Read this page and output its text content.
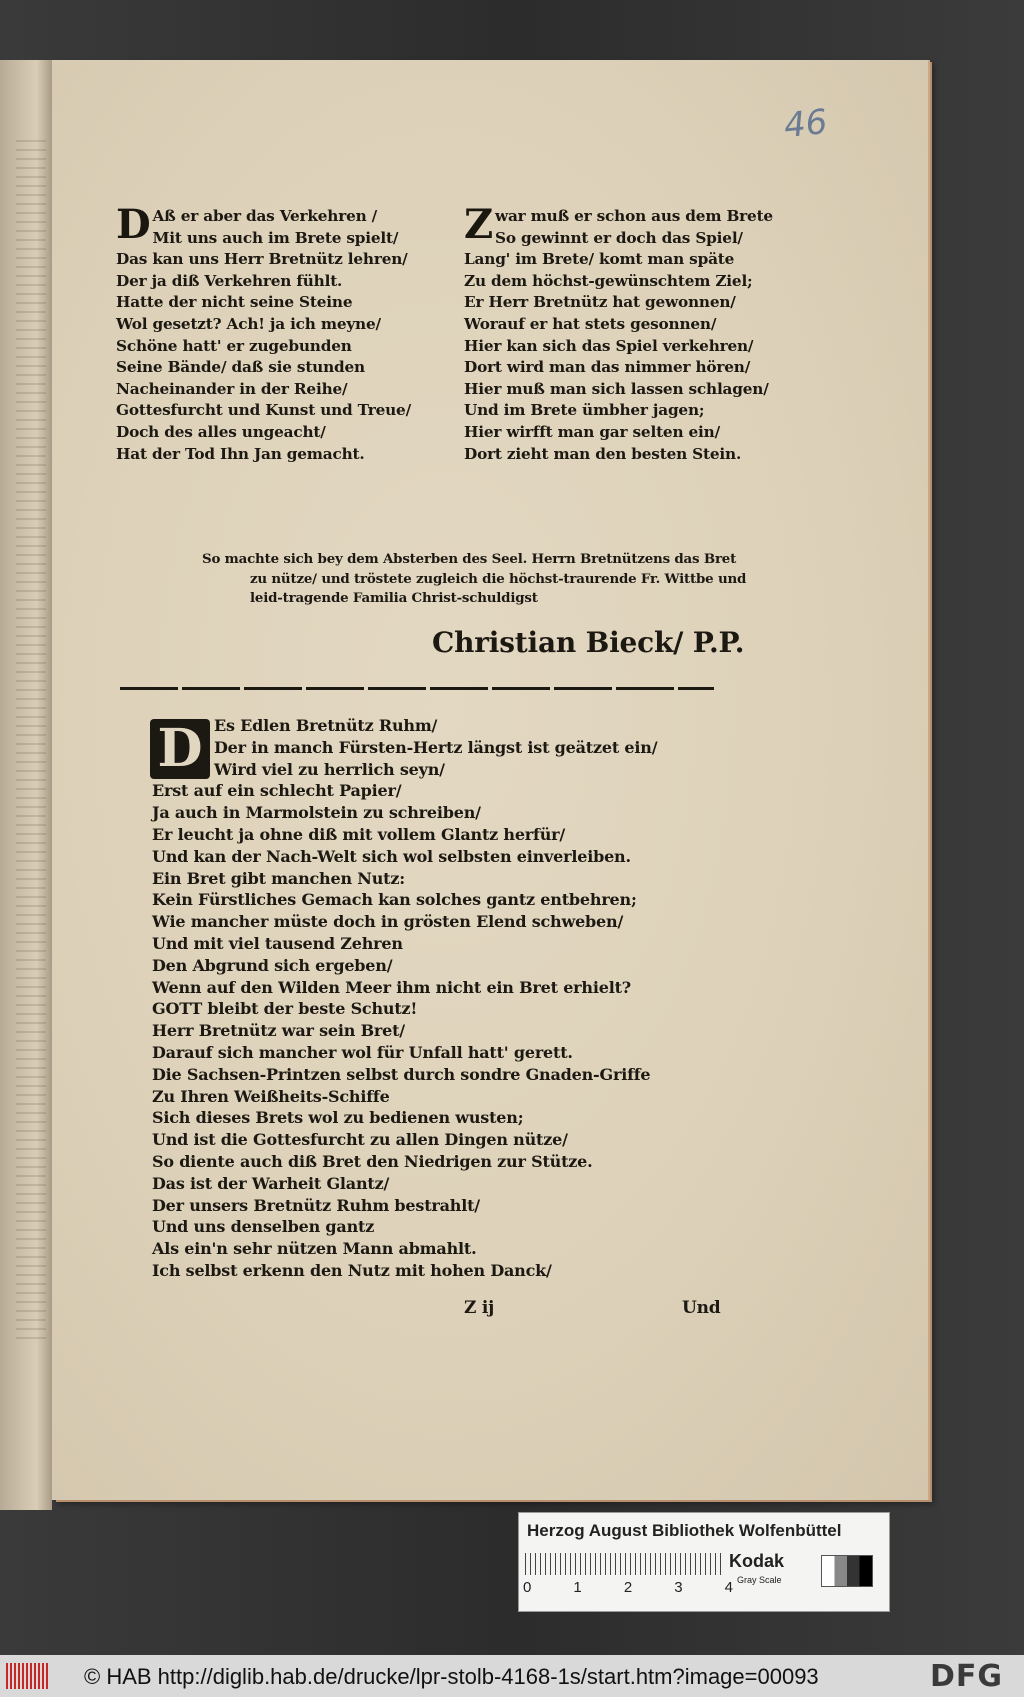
46
D Aß er aber das Verkehren /
Mit uns auch im Brete spielt/
Das kan uns Herr Bretnütz lehren/
Der ja diß Verkehren fühlt.
Hatte der nicht seine Steine
Wol gesetzt? Ach! ja ich meyne/
Schöne hatt' er zugebunden
Seine Bände/ daß sie stunden
Nacheinander in der Reihe/
Gottesfurcht und Kunst und Treue/
Doch des alles ungeacht/
Hat der Tod Ihn Jan gemacht.
Z war muß er schon aus dem Brete
So gewinnt er doch das Spiel/
Lang' im Brete/ komt man späte
Zu dem höchst-gewünschtem Ziel;
Er Herr Bretnütz hat gewonnen/
Worauf er hat stets gesonnen/
Hier kan sich das Spiel verkehren/
Dort wird man das nimmer hören/
Hier muß man sich lassen schlagen/
Und im Brete ümbher jagen;
Hier wirfft man gar selten ein/
Dort zieht man den besten Stein.
So machte sich bey dem Absterben des Seel. Herrn Bretnützens das Bret
zu nütze/ und tröstete zugleich die höchst-traurende Fr. Wittbe und
leid-tragende Familia Christ-schuldigst
Christian Bieck/ P.P.
D Es Edlen Bretnütz Ruhm/
Der in manch Fürsten-Hertz längst ist geätzet ein/
Wird viel zu herrlich seyn/
Erst auf ein schlecht Papier/
Ja auch in Marmolstein zu schreiben/
Er leucht ja ohne diß mit vollem Glantz herfür/
Und kan der Nach-Welt sich wol selbsten einverleiben.
Ein Bret gibt manchen Nutz:
Kein Fürstliches Gemach kan solches gantz entbehren;
Wie mancher müste doch in grösten Elend schweben/
Und mit viel tausend Zehren
Den Abgrund sich ergeben/
Wenn auf den Wilden Meer ihm nicht ein Bret erhielt?
GOTT bleibt der beste Schutz!
Herr Bretnütz war sein Bret/
Darauf sich mancher wol für Unfall hatt' gerett.
Die Sachsen-Printzen selbst durch sondre Gnaden-Griffe
Zu Ihren Weißheits-Schiffe
Sich dieses Brets wol zu bedienen wusten;
Und ist die Gottesfurcht zu allen Dingen nütze/
So diente auch diß Bret den Niedrigen zur Stütze.
Das ist der Warheit Glantz/
Der unsers Bretnütz Ruhm bestrahlt/
Und uns denselben gantz
Als ein'n sehr nützen Mann abmahlt.
Ich selbst erkenn den Nutz mit hohen Danck/
Z ij	Und
Herzog August Bibliothek Wolfenbüttel
0	1	2	3	4
Kodak
Gray Scale
© HAB http://diglib.hab.de/drucke/lpr-stolb-4168-1s/start.htm?image=00093	DFG
